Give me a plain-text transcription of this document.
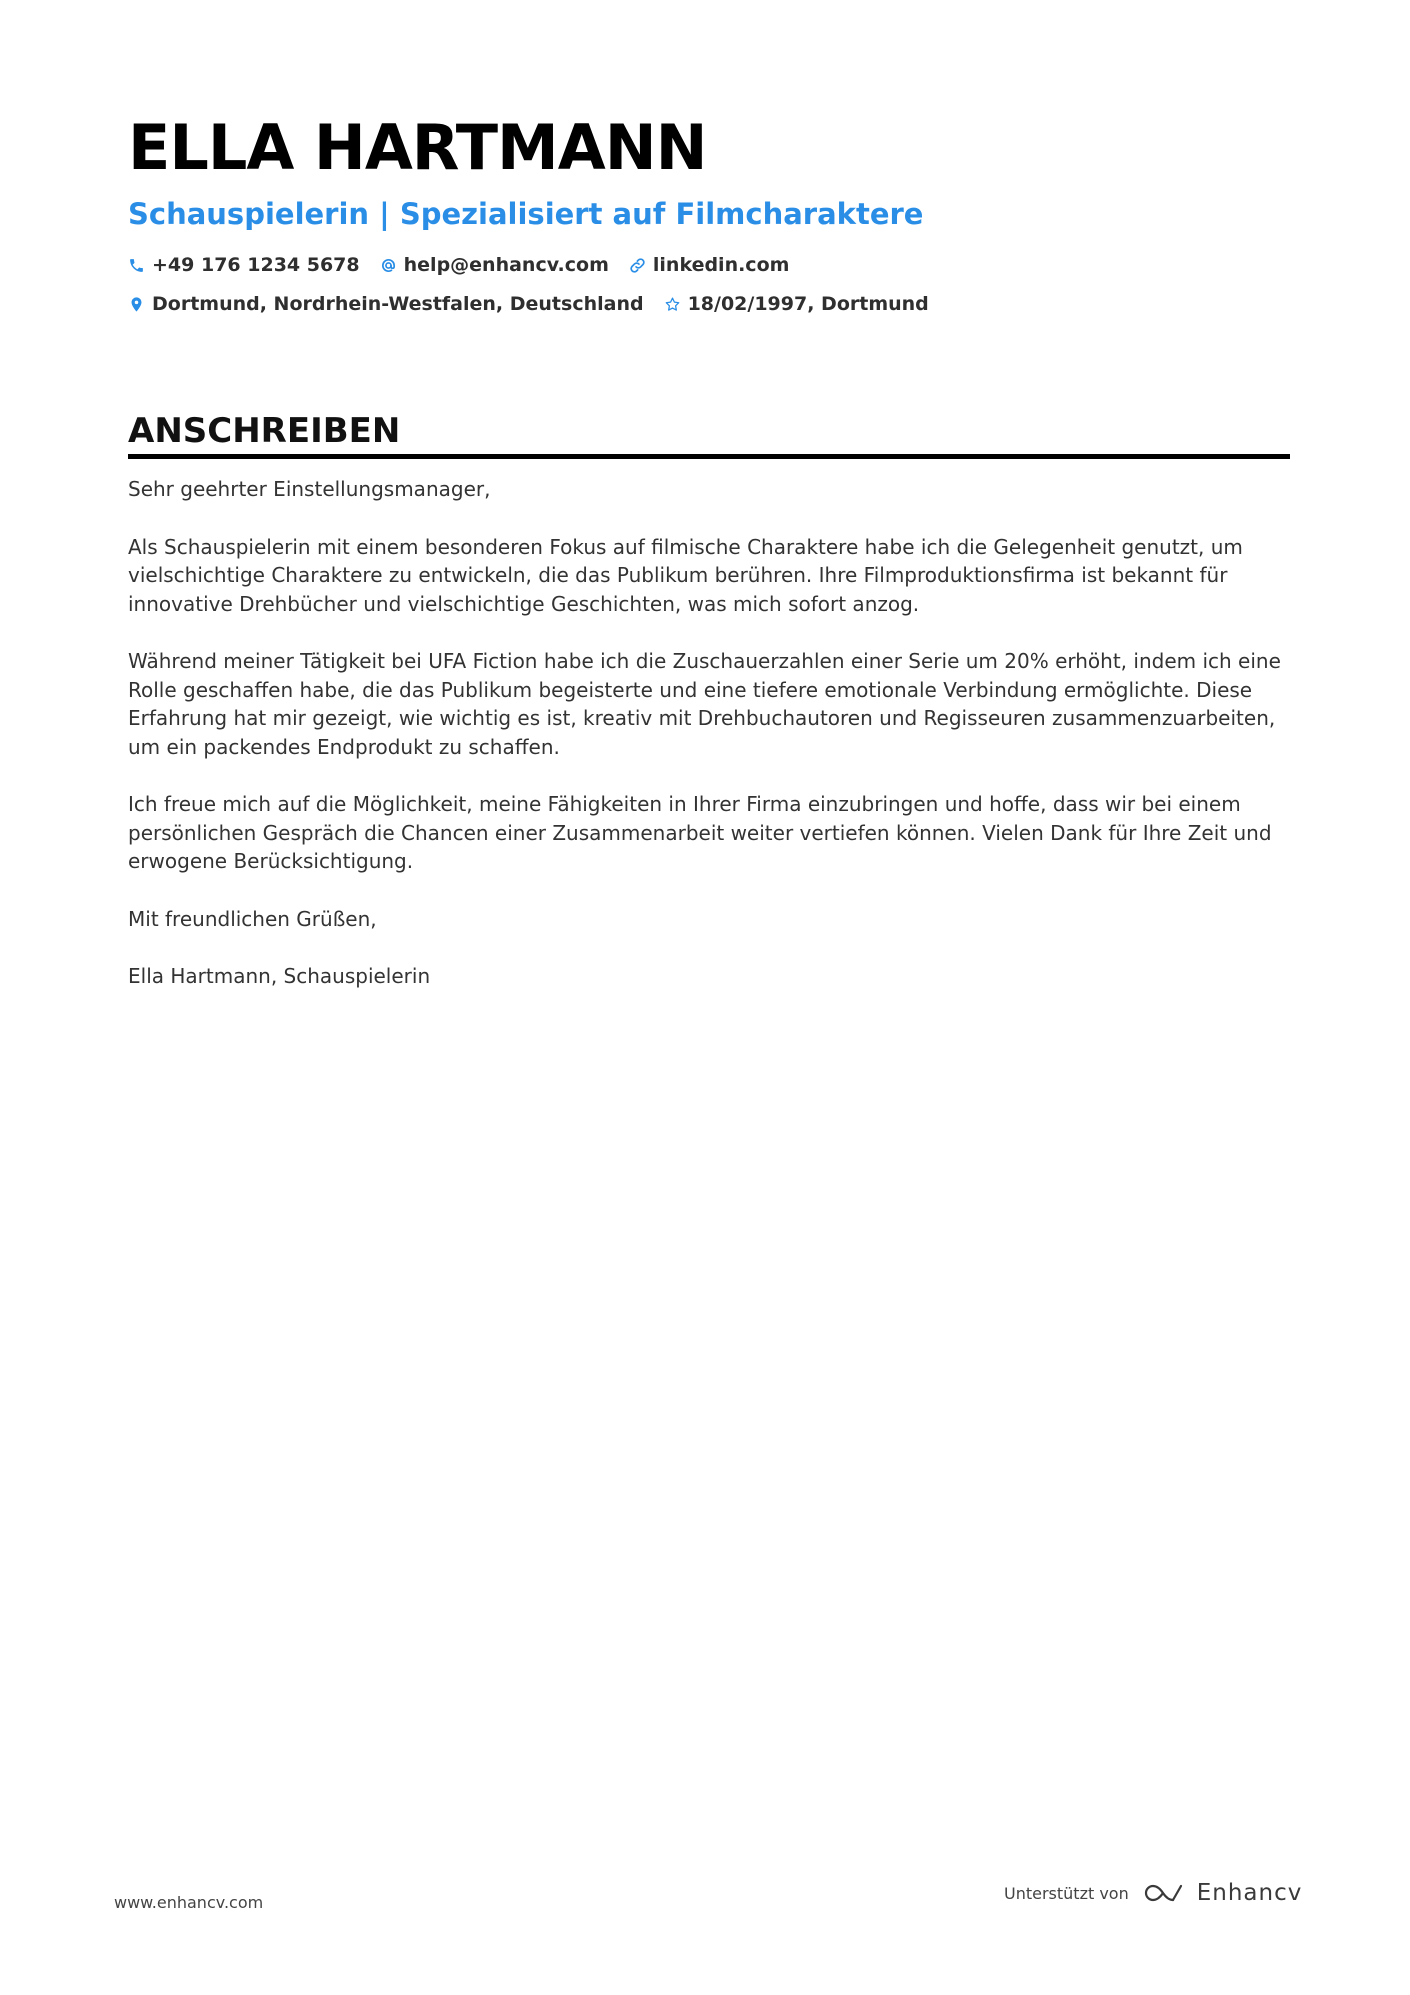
ELLA HARTMANN
Schauspielerin | Spezialisiert auf Filmcharaktere
+49 176 1234 5678 help@enhancv.com linkedin.com
Dortmund, Nordrhein-Westfalen, Deutschland 18/02/1997, Dortmund
ANSCHREIBEN

Sehr geehrter Einstellungsmanager,

Als Schauspielerin mit einem besonderen Fokus auf filmische Charaktere habe ich die Gelegenheit genutzt, um vielschichtige Charaktere zu entwickeln, die das Publikum berühren. Ihre Filmproduktionsfirma ist bekannt für innovative Drehbücher und vielschichtige Geschichten, was mich sofort anzog.

Während meiner Tätigkeit bei UFA Fiction habe ich die Zuschauerzahlen einer Serie um 20% erhöht, indem ich eine Rolle geschaffen habe, die das Publikum begeisterte und eine tiefere emotionale Verbindung ermöglichte. Diese Erfahrung hat mir gezeigt, wie wichtig es ist, kreativ mit Drehbuchautoren und Regisseuren zusammenzuarbeiten, um ein packendes Endprodukt zu schaffen.

Ich freue mich auf die Möglichkeit, meine Fähigkeiten in Ihrer Firma einzubringen und hoffe, dass wir bei einem persönlichen Gespräch die Chancen einer Zusammenarbeit weiter vertiefen können. Vielen Dank für Ihre Zeit und erwogene Berücksichtigung.

Mit freundlichen Grüßen,

Ella Hartmann, Schauspielerin

www.enhancv.com	Unterstützt von	Enhancv
